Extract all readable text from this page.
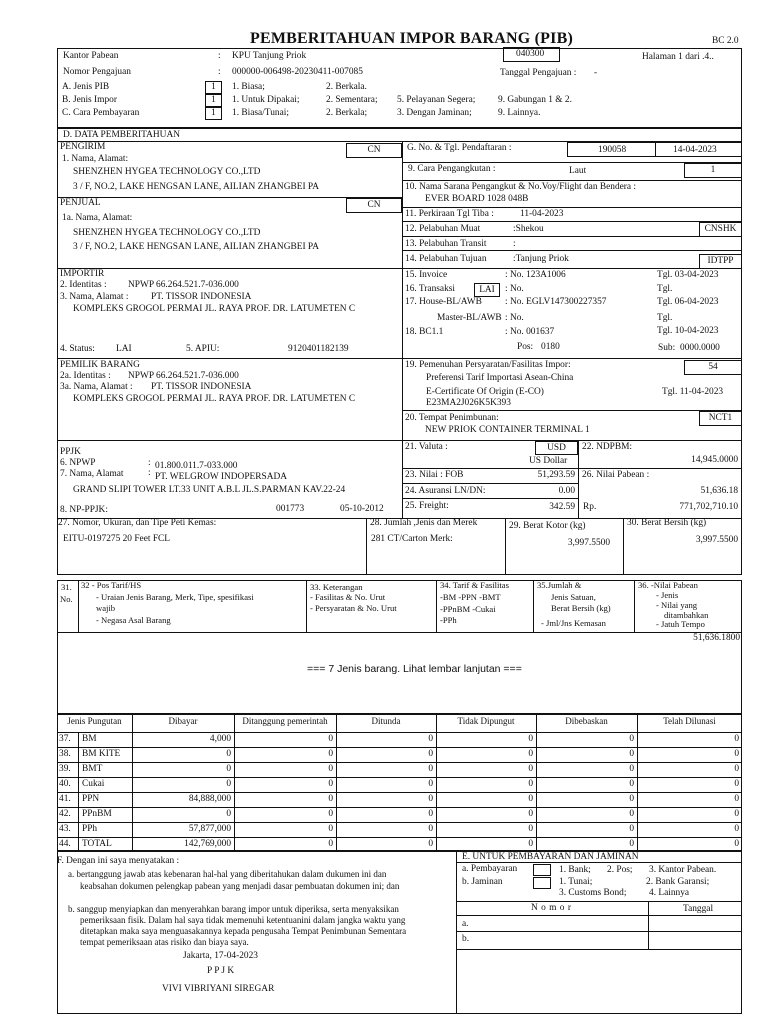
PEMBERITAHUAN IMPOR BARANG (PIB)	BC 2.0
Kantor Pabean	: KPU Tanjung Priok	040300	Halaman 1 dari .4..
Nomor Pengajuan	: 000000-006498-20230411-007085	Tanggal Pengajuan : -
A. Jenis PIB	1	1. Biasa;	2. Berkala.
B. Jenis Impor	1	1. Untuk Dipakai;	2. Sementara; 5. Pelayanan Segera; 9. Gabungan 1 & 2.
C. Cara Pembayaran	1	1. Biasa/Tunai;	2. Berkala;	3. Dengan Jaminan;	9. Lainnya.
D. DATA PEMBERITAHUAN
PENGIRIM	CN
1. Nama, Alamat:
SHENZHEN HYGEA TECHNOLOGY CO.,LTD
3 / F, NO.2, LAKE HENGSAN LANE, AILIAN ZHANGBEI PA
PENJUAL	CN
1a. Nama, Alamat:
SHENZHEN HYGEA TECHNOLOGY CO.,LTD
3 / F, NO.2, LAKE HENGSAN LANE, AILIAN ZHANGBEI PA
IMPORTIR
2. Identitas : NPWP 66.264.521.7-036.000
3. Nama, Alamat : PT. TISSOR INDONESIA
KOMPLEKS GROGOL PERMAI JL. RAYA PROF. DR. LATUMETEN C
4. Status: LAI	5. APIU:	9120401182139
PEMILIK BARANG
2a. Identitas : NPWP 66.264.521.7-036.000
3a. Nama, Alamat : PT. TISSOR INDONESIA
KOMPLEKS GROGOL PERMAI JL. RAYA PROF. DR. LATUMETEN C
PPJK
6. NPWP	: 01.800.011.7-033.000
7. Nama, Alamat	: PT. WELGROW INDOPERSADA
GRAND SLIPI TOWER LT.33 UNIT A.B.L JL.S.PARMAN KAV.22-24
8. NP-PPJK:	001773	05-10-2012
G. No. & Tgl. Pendaftaran :	190058	14-04-2023
9. Cara Pengangkutan :	Laut	1
10. Nama Sarana Pengangkut & No.Voy/Flight dan Bendera :
EVER BOARD 1028 048B
11. Perkiraan Tgl Tiba :	11-04-2023
12. Pelabuhan Muat	:Shekou	CNSHK
13. Pelabuhan Transit	:
14. Pelabuhan Tujuan	:Tanjung Priok	IDTPP
15. Invoice	: No. 123A1006	Tgl. 03-04-2023
16. Transaksi	LAI	: No.	Tgl.
17. House-BL/AWB : No. EGLV147300227357	Tgl. 06-04-2023
Master-BL/AWB : No.	Tgl.
18. BC1.1	: No. 001637	Tgl. 10-04-2023
Pos: 0180	Sub: 0000.0000
19. Pemenuhan Persyaratan/Fasilitas Impor:	54
Preferensi Tarif Importasi Asean-China
E-Certificate Of Origin (E-CO)	Tgl. 11-04-2023
E23MA2J026K5K393
20. Tempat Penimbunan:	NCT1
NEW PRIOK CONTAINER TERMINAL 1
21. Valuta :	USD
US Dollar
22. NDPBM:
14,945.0000
23. Nilai : FOB	51,293.59 26. Nilai Pabean :
51,636.18
24. Asuransi LN/DN:	0.00
25. Freight:	342.59 Rp.	771,702,710.10
27. Nomor, Ukuran, dan Tipe Peti Kemas:
EITU-0197275 20 Feet FCL
28. Jumlah ,Jenis dan Merek
281 CT/Carton Merk:
29. Berat Kotor (kg)
3,997.5500
30. Berat Bersih (kg)
3,997.5500
31.
No.
32 - Pos Tarif/HS
- Uraian Jenis Barang, Merk, Tipe, spesifikasi
wajib
- Negasa Asal Barang
33. Keterangan
- Fasilitas & No. Urut
- Persyaratan & No. Urut
34. Tarif & Fasilitas
-BM -PPN -BMT
-PPnBM -Cukai
-PPh
35.Jumlah &
Jenis Satuan,
Berat Bersih (kg)
- Jml/Jns Kemasan
36. -Nilai Pabean
- Jenis
- Nilai yang
ditambahkan
- Jatuh Tempo
51,636.1800
=== 7 Jenis barang. Lihat lembar lanjutan ===
Jenis Pungutan	Dibayar	Ditanggung pemerintah	Ditunda	Tidak Dipungut	Dibebaskan	Telah Dilunasi
37. BM	4,000	0	0	0	0	0
38. BM KITE	0	0	0	0	0	0
39. BMT	0	0	0	0	0	0
40. Cukai	0	0	0	0	0	0
41. PPN	84,888,000	0	0	0	0	0
42. PPnBM	0	0	0	0	0	0
43. PPh	57,877,000	0	0	0	0	0
44. TOTAL	142,769,000	0	0	0	0	0
F. Dengan ini saya menyatakan :
a. bertanggung jawab atas kebenaran hal-hal yang diberitahukan dalam dukumen ini dan
keabsahan dokumen pelengkap pabean yang menjadi dasar pembuatan dokumen ini; dan
b. sanggup menyiapkan dan menyerahkan barang impor untuk diperiksa, serta menyaksikan
pemeriksaan fisik. Dalam hal saya tidak memenuhi ketentuanini dalam jangka waktu yang
ditetapkan maka saya menguasakannya kepada pengusaha Tempat Penimbunan Sementara
tempat pemeriksaan atas risiko dan biaya saya.
Jakarta, 17-04-2023
P P J K
VIVI VIBRIYANI SIREGAR
E. UNTUK PEMBAYARAN DAN JAMINAN
a. Pembayaran
b. Jaminan
1. Bank; 2. Pos; 3. Kantor Pabean.
1. Tunai;	2. Bank Garansi;
3. Customs Bond; 4. Lainnya
N o m o r	Tanggal
a.
b.
